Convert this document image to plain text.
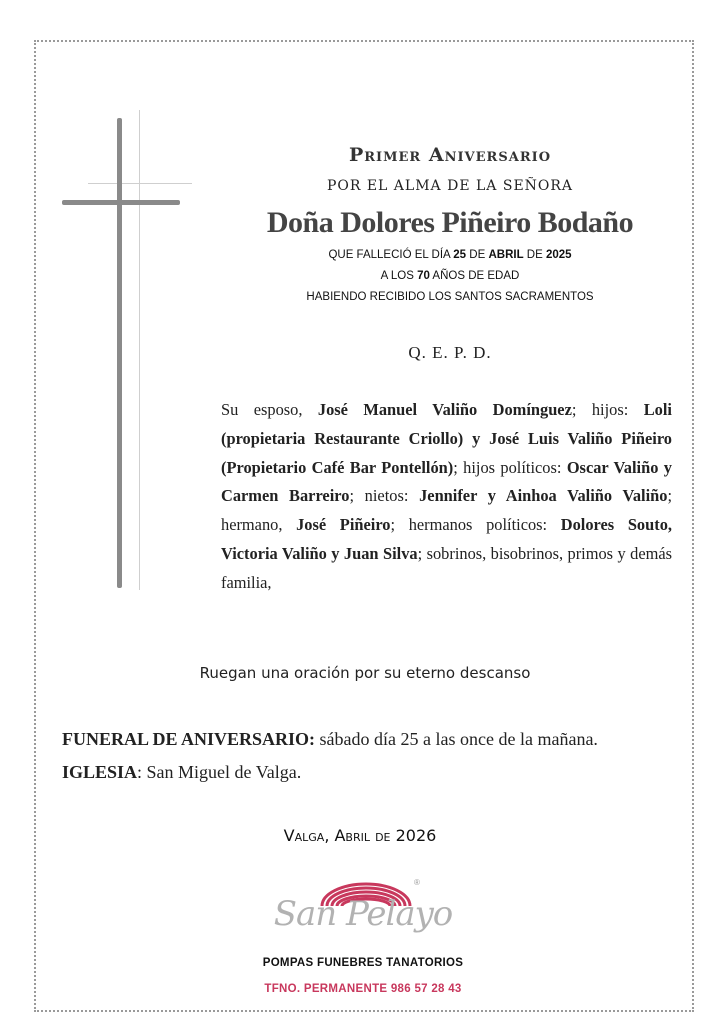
Primer Aniversario
POR EL ALMA DE LA SEÑORA
Doña Dolores Piñeiro Bodaño
QUE FALLECIÓ EL DÍA 25 DE ABRIL DE 2025
A LOS 70 AÑOS DE EDAD
HABIENDO RECIBIDO LOS SANTOS SACRAMENTOS
Q. E. P. D.
Su esposo, José Manuel Valiño Domínguez; hijos: Loli (propietaria Restaurante Criollo) y José Luis Valiño Piñeiro (Propietario Café Bar Pontellón); hijos políticos: Oscar Valiño y Carmen Barreiro; nietos: Jennifer y Ainhoa Valiño Valiño; hermano, José Piñeiro; hermanos políticos: Dolores Souto, Victoria Valiño y Juan Silva; sobrinos, bisobrinos, primos y demás familia,
Ruegan una oración por su eterno descanso
FUNERAL DE ANIVERSARIO: sábado día 25 a las once de la mañana.
IGLESIA: San Miguel de Valga.
Valga, Abril de 2026
®
San Pelayo
POMPAS FUNEBRES TANATORIOS
TFNO. PERMANENTE 986 57 28 43
